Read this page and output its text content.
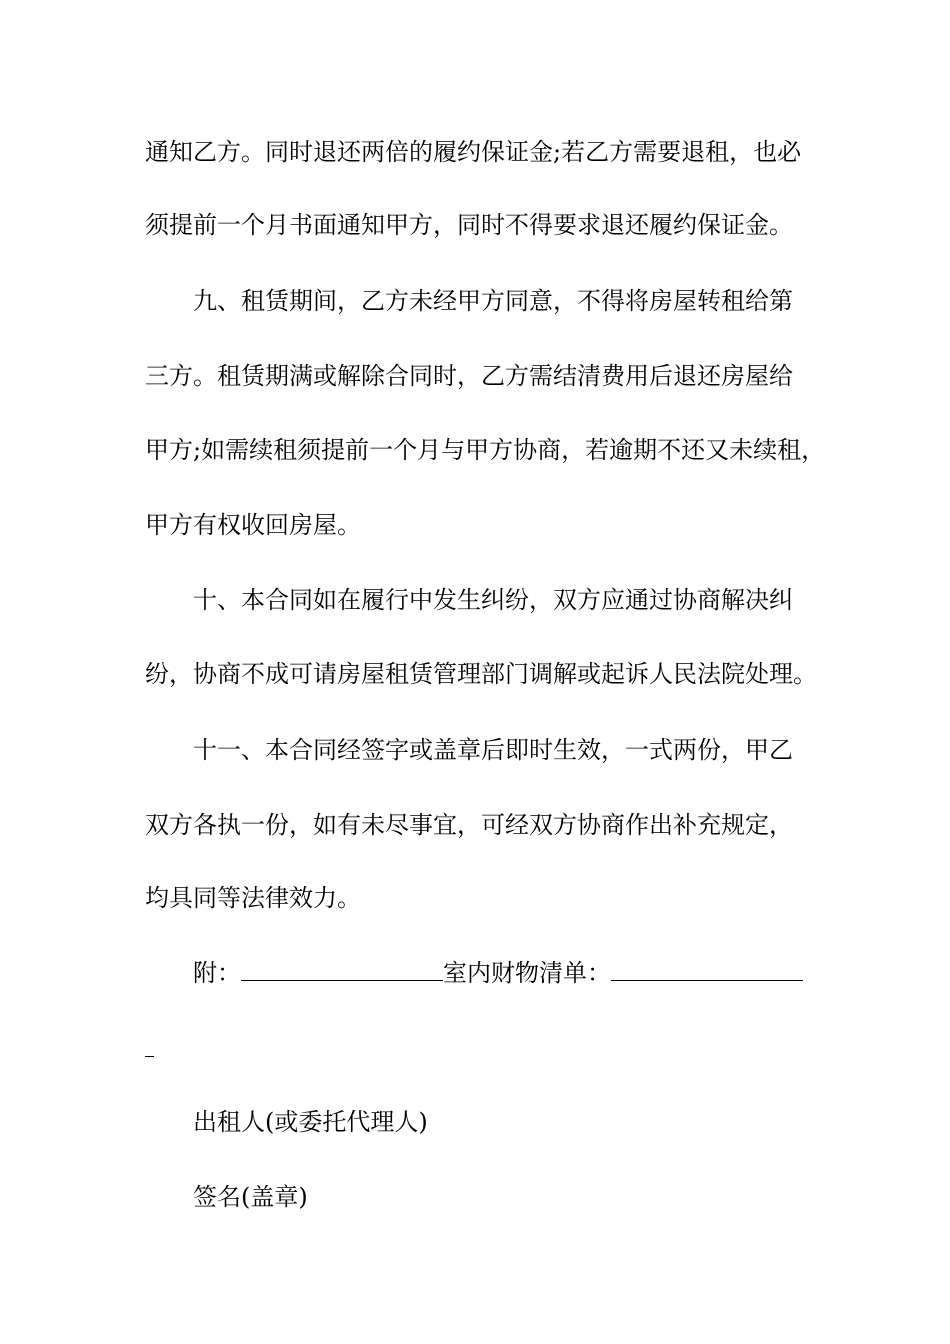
通知乙方。同时退还两倍的履约保证金;若乙方需要退租，也必
须提前一个月书面通知甲方，同时不得要求退还履约保证金。
九、租赁期间，乙方未经甲方同意，不得将房屋转租给第
三方。租赁期满或解除合同时，乙方需结清费用后退还房屋给
甲方;如需续租须提前一个月与甲方协商，若逾期不还又未续租，
甲方有权收回房屋。
十、本合同如在履行中发生纠纷，双方应通过协商解决纠
纷，协商不成可请房屋租赁管理部门调解或起诉人民法院处理。
十一、本合同经签字或盖章后即时生效，一式两份，甲乙
双方各执一份，如有未尽事宜，可经双方协商作出补充规定，
均具同等法律效力。
附：	室内财物清单：
出租人(或委托代理人)
签名(盖章)
